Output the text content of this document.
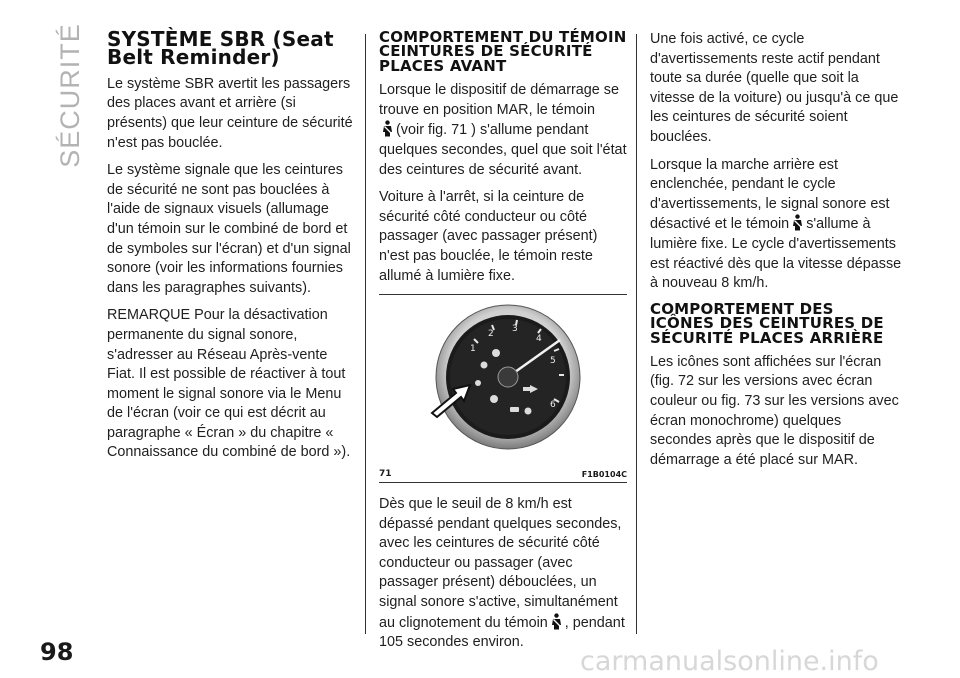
SÉCURITÉ SYSTÈME SBR (Seat Belt Reminder)

Le système SBR avertit les passagers des places avant et arrière (si présents) que leur ceinture de sécurité n'est pas bouclée.

Le système signale que les ceintures de sécurité ne sont pas bouclées à l'aide de signaux visuels (allumage d'un témoin sur le combiné de bord et de symboles sur l'écran) et d'un signal sonore (voir les informations fournies dans les paragraphes suivants).

REMARQUE Pour la désactivation permanente du signal sonore, s'adresser au Réseau Après-vente Fiat. Il est possible de réactiver à tout moment le signal sonore via le Menu de l'écran (voir ce qui est décrit au paragraphe « Écran » du chapitre « Connaissance du combiné de bord »).

COMPORTEMENT DU TÉMOIN CEINTURES DE SÉCURITÉ PLACES AVANT

Lorsque le dispositif de démarrage se trouve en position MAR, le témoin
(voir fig. 71 ) s'allume pendant quelques secondes, quel que soit l'état des ceintures de sécurité avant.

Voiture à l'arrêt, si la ceinture de sécurité côté conducteur ou côté passager (avec passager présent) n'est pas bouclée, le témoin reste allumé à lumière fixe.

1
2 3
4
5
6
71	F1B0104C

Dès que le seuil de 8 km/h est dépassé pendant quelques secondes, avec les ceintures de sécurité côté conducteur ou passager (avec passager présent) débouclées, un signal sonore s'active, simultanément au clignotement du témoin , pendant 105 secondes environ.

Une fois activé, ce cycle d'avertissements reste actif pendant toute sa durée (quelle que soit la vitesse de la voiture) ou jusqu'à ce que les ceintures de sécurité soient bouclées.

Lorsque la marche arrière est enclenchée, pendant le cycle d'avertissements, le signal sonore est désactivé et le témoin s'allume à lumière fixe. Le cycle d'avertissements est réactivé dès que la vitesse dépasse à nouveau 8 km/h.

COMPORTEMENT DES ICÔNES DES CEINTURES DE SÉCURITÉ PLACES ARRIÈRE

Les icônes sont affichées sur l'écran (fig. 72 sur les versions avec écran couleur ou fig. 73 sur les versions avec écran monochrome) quelques secondes après que le dispositif de démarrage a été placé sur MAR.

98	carmanualsonline.info
